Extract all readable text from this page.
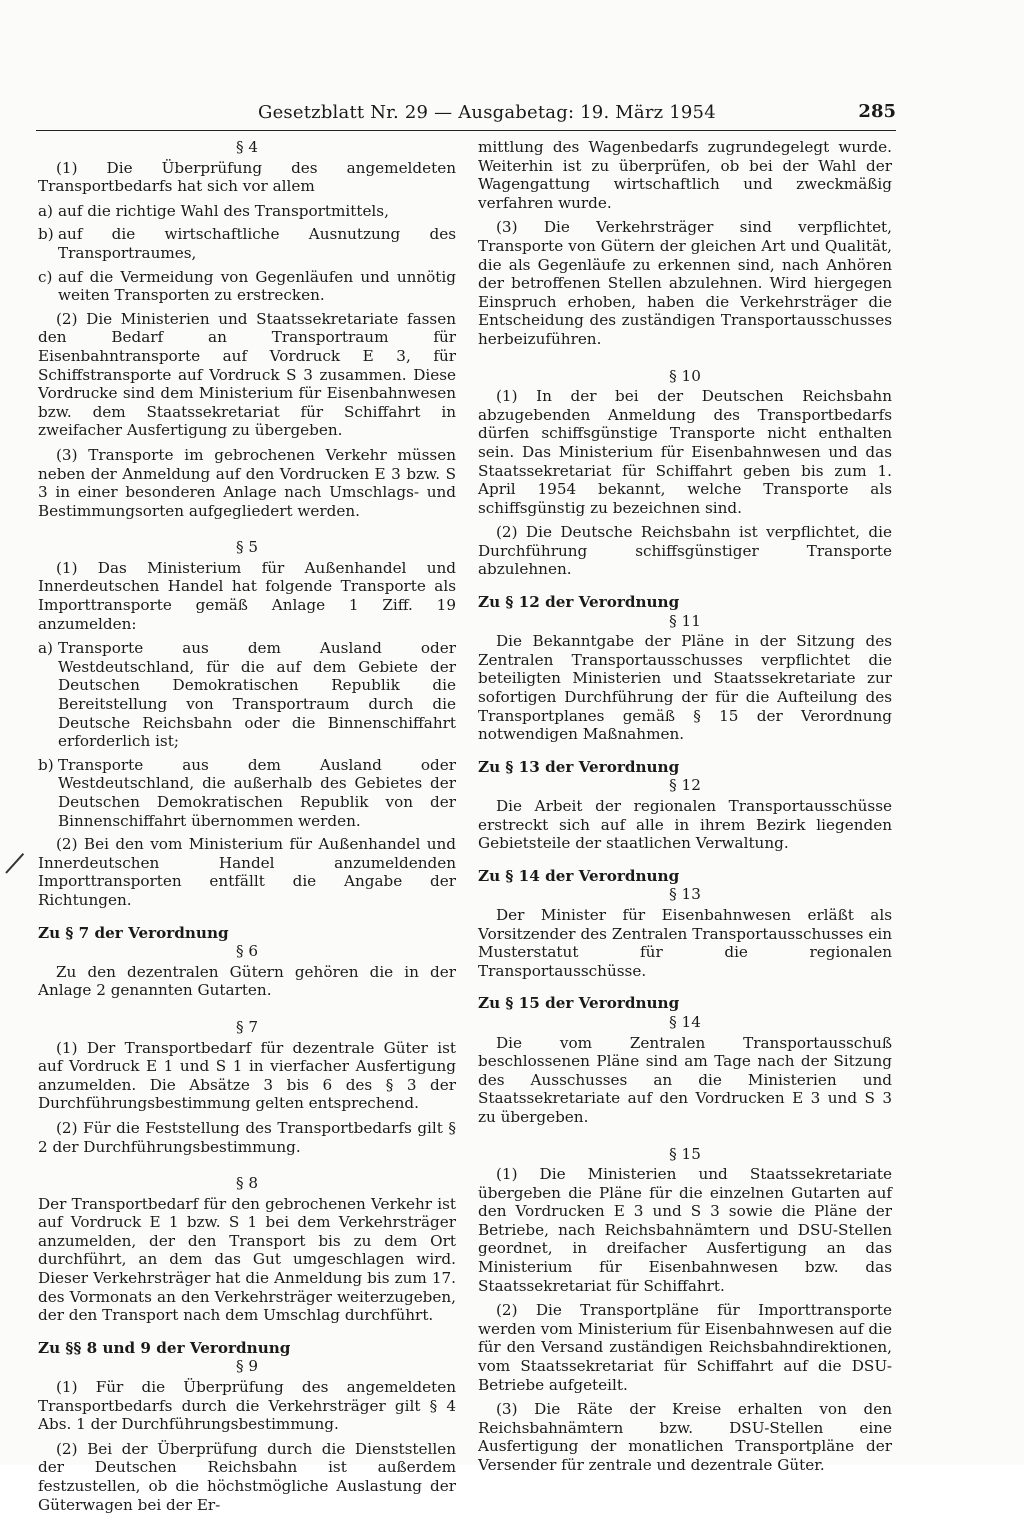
Gesetzblatt Nr. 29 — Ausgabetag: 19. März 1954	285
§ 4

(1) Die Überprüfung des angemeldeten Transportbedarfs hat sich vor allem

a) auf die richtige Wahl des Transportmittels,
b) auf die wirtschaftliche Ausnutzung des Transportraumes,
c) auf die Vermeidung von Gegenläufen und unnötig weiten Transporten zu erstrecken.

(2) Die Ministerien und Staatssekretariate fassen den Bedarf an Transportraum für Eisenbahntransporte auf Vordruck E 3, für Schiffstransporte auf Vordruck S 3 zusammen. Diese Vordrucke sind dem Ministerium für Eisenbahnwesen bzw. dem Staatssekretariat für Schiffahrt in zweifacher Ausfertigung zu übergeben.

(3) Transporte im gebrochenen Verkehr müssen neben der Anmeldung auf den Vordrucken E 3 bzw. S 3 in einer besonderen Anlage nach Umschlags- und Bestimmungsorten aufgegliedert werden.

§ 5

(1) Das Ministerium für Außenhandel und Innerdeutschen Handel hat folgende Transporte als Importtransporte gemäß Anlage 1 Ziff. 19 anzumelden:

a) Transporte aus dem Ausland oder Westdeutschland, für die auf dem Gebiete der Deutschen Demokratischen Republik die Bereitstellung von Transportraum durch die Deutsche Reichsbahn oder die Binnenschiffahrt erforderlich ist;
b) Transporte aus dem Ausland oder Westdeutschland, die außerhalb des Gebietes der Deutschen Demokratischen Republik von der Binnenschiffahrt übernommen werden.

(2) Bei den vom Ministerium für Außenhandel und Innerdeutschen Handel anzumeldenden Importtransporten entfällt die Angabe der Richtungen.

Zu § 7 der Verordnung
§ 6

Zu den dezentralen Gütern gehören die in der Anlage 2 genannten Gutarten.

§ 7

(1) Der Transportbedarf für dezentrale Güter ist auf Vordruck E 1 und S 1 in vierfacher Ausfertigung anzumelden. Die Absätze 3 bis 6 des § 3 der Durchführungsbestimmung gelten entsprechend.

(2) Für die Feststellung des Transportbedarfs gilt § 2 der Durchführungsbestimmung.

§ 8

Der Transportbedarf für den gebrochenen Verkehr ist auf Vordruck E 1 bzw. S 1 bei dem Verkehrsträger anzumelden, der den Transport bis zu dem Ort durchführt, an dem das Gut umgeschlagen wird. Dieser Verkehrsträger hat die Anmeldung bis zum 17. des Vormonats an den Verkehrsträger weiterzugeben, der den Transport nach dem Umschlag durchführt.

Zu §§ 8 und 9 der Verordnung
§ 9

(1) Für die Überprüfung des angemeldeten Transportbedarfs durch die Verkehrsträger gilt § 4 Abs. 1 der Durchführungsbestimmung.

(2) Bei der Überprüfung durch die Dienststellen der Deutschen Reichsbahn ist außerdem festzustellen, ob die höchstmögliche Auslastung der Güterwagen bei der Er-

mittlung des Wagenbedarfs zugrundegelegt wurde. Weiterhin ist zu überprüfen, ob bei der Wahl der Wagengattung wirtschaftlich und zweckmäßig verfahren wurde.

(3) Die Verkehrsträger sind verpflichtet, Transporte von Gütern der gleichen Art und Qualität, die als Gegenläufe zu erkennen sind, nach Anhören der betroffenen Stellen abzulehnen. Wird hiergegen Einspruch erhoben, haben die Verkehrsträger die Entscheidung des zuständigen Transportausschusses herbeizuführen.

§ 10

(1) In der bei der Deutschen Reichsbahn abzugebenden Anmeldung des Transportbedarfs dürfen schiffsgünstige Transporte nicht enthalten sein. Das Ministerium für Eisenbahnwesen und das Staatssekretariat für Schiffahrt geben bis zum 1. April 1954 bekannt, welche Transporte als schiffsgünstig zu bezeichnen sind.

(2) Die Deutsche Reichsbahn ist verpflichtet, die Durchführung schiffsgünstiger Transporte abzulehnen.

Zu § 12 der Verordnung
§ 11

Die Bekanntgabe der Pläne in der Sitzung des Zentralen Transportausschusses verpflichtet die beteiligten Ministerien und Staatssekretariate zur sofortigen Durchführung der für die Aufteilung des Transportplanes gemäß § 15 der Verordnung notwendigen Maßnahmen.

Zu § 13 der Verordnung
§ 12

Die Arbeit der regionalen Transportausschüsse erstreckt sich auf alle in ihrem Bezirk liegenden Gebietsteile der staatlichen Verwaltung.

Zu § 14 der Verordnung
§ 13

Der Minister für Eisenbahnwesen erläßt als Vorsitzender des Zentralen Transportausschusses ein Musterstatut für die regionalen Transportausschüsse.

Zu § 15 der Verordnung
§ 14

Die vom Zentralen Transportausschuß beschlossenen Pläne sind am Tage nach der Sitzung des Ausschusses an die Ministerien und Staatssekretariate auf den Vordrucken E 3 und S 3 zu übergeben.

§ 15

(1) Die Ministerien und Staatssekretariate übergeben die Pläne für die einzelnen Gutarten auf den Vordrucken E 3 und S 3 sowie die Pläne der Betriebe, nach Reichsbahnämtern und DSU-Stellen geordnet, in dreifacher Ausfertigung an das Ministerium für Eisenbahnwesen bzw. das Staatssekretariat für Schiffahrt.

(2) Die Transportpläne für Importtransporte werden vom Ministerium für Eisenbahnwesen auf die für den Versand zuständigen Reichsbahndirektionen, vom Staatssekretariat für Schiffahrt auf die DSU-Betriebe aufgeteilt.

(3) Die Räte der Kreise erhalten von den Reichsbahnämtern bzw. DSU-Stellen eine Ausfertigung der monatlichen Transportpläne der Versender für zentrale und dezentrale Güter.
